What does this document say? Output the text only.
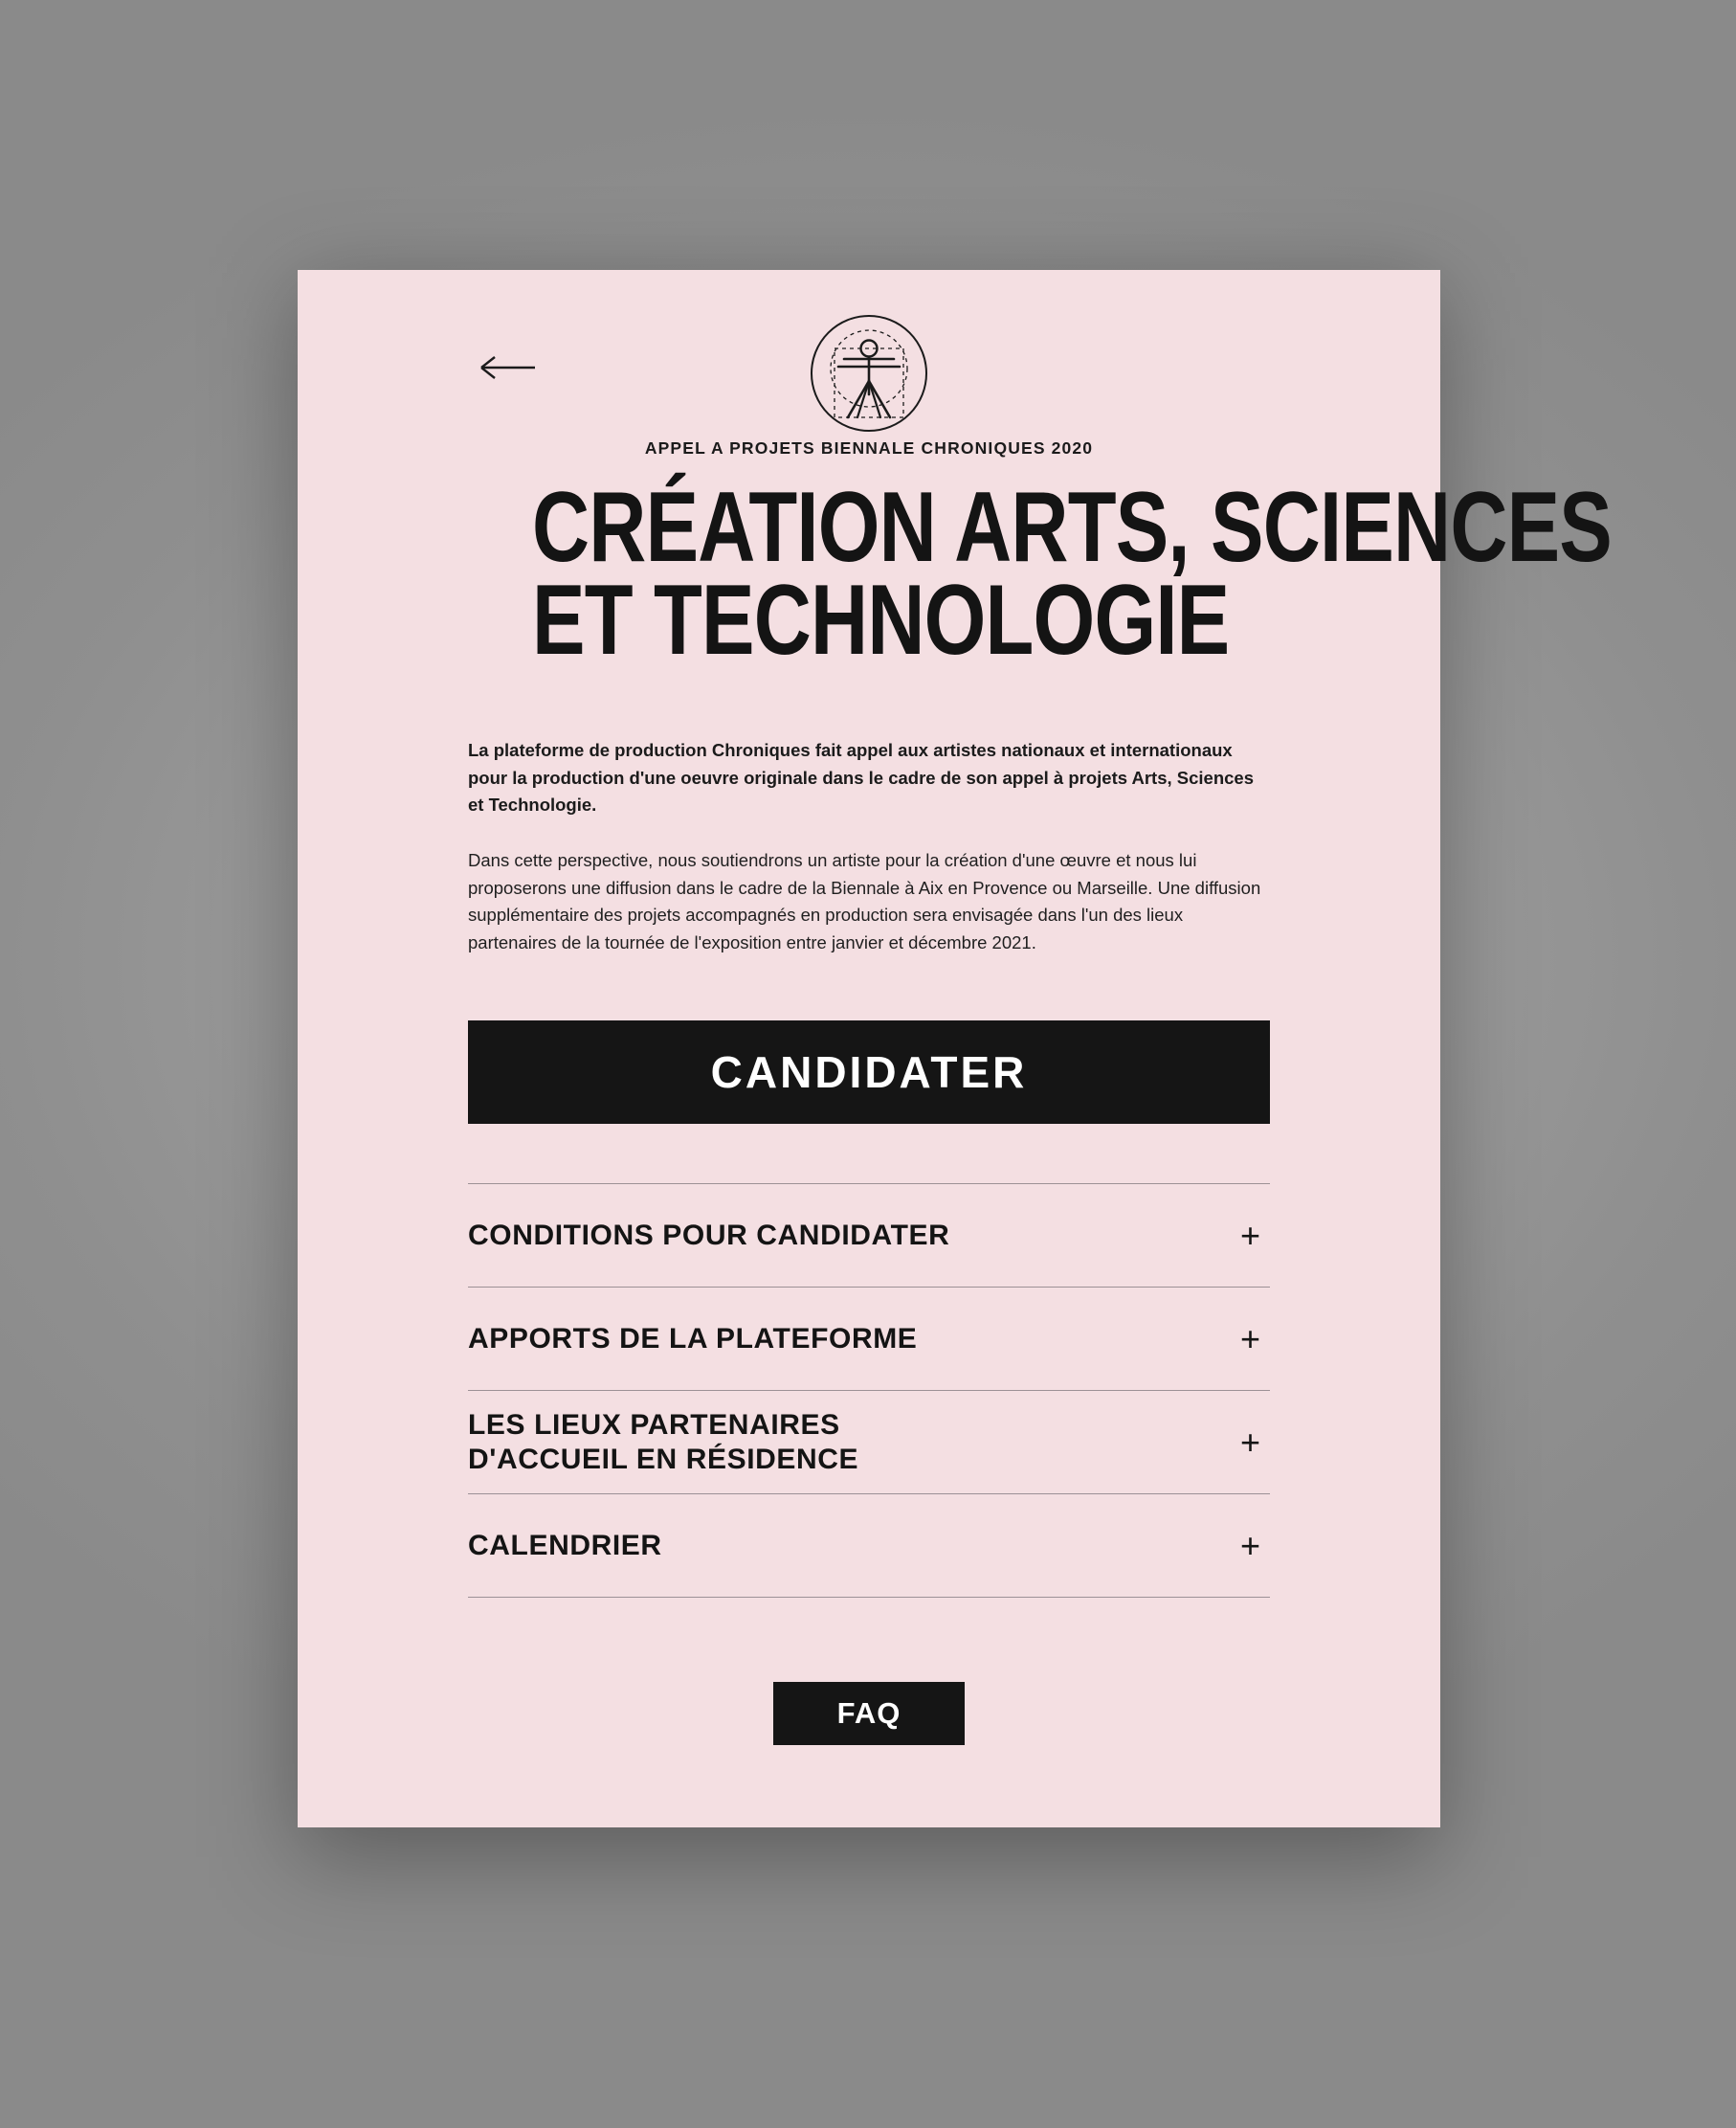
APPEL A PROJETS BIENNALE CHRONIQUES 2020
CRÉATION ARTS, SCIENCES
ET TECHNOLOGIE

La plateforme de production Chroniques fait appel aux artistes nationaux et internationaux pour la production d'une oeuvre originale dans le cadre de son appel à projets Arts, Sciences et Technologie.

Dans cette perspective, nous soutiendrons un artiste pour la création d'une œuvre et nous lui proposerons une diffusion dans le cadre de la Biennale à Aix en Provence ou Marseille. Une diffusion supplémentaire des projets accompagnés en production sera envisagée dans l'un des lieux partenaires de la tournée de l'exposition entre janvier et décembre 2021.

CANDIDATER
CONDITIONS POUR CANDIDATER	+
APPORTS DE LA PLATEFORME	+
LES LIEUX PARTENAIRES
D'ACCUEIL EN RÉSIDENCE	+
CALENDRIER	+
FAQ
